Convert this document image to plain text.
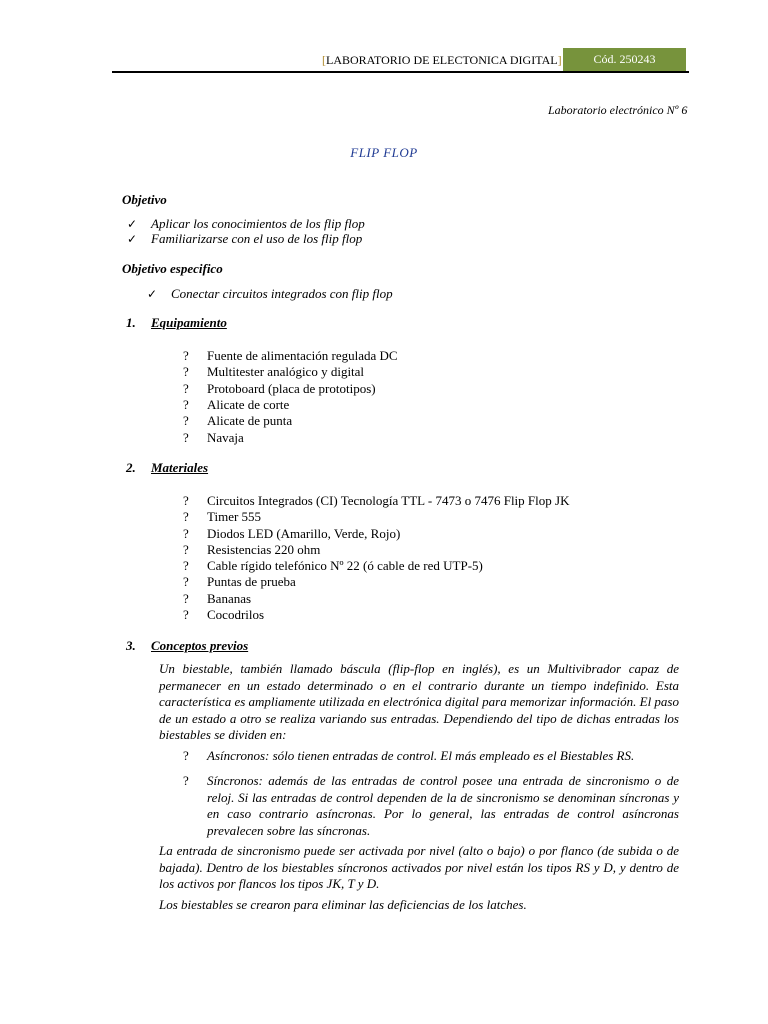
[LABORATORIO DE ELECTONICA DIGITAL]	Cód. 250243
Laboratorio electrónico Nº 6
FLIP FLOP
Objetivo
✓ Aplicar los conocimientos de los flip flop
✓ Familiarizarse con el uso de los flip flop
Objetivo especifico
✓ Conectar circuitos integrados con flip flop
1. Equipamiento
? Fuente de alimentación regulada DC
? Multitester analógico y digital
? Protoboard (placa de prototipos)
? Alicate de corte
? Alicate de punta
? Navaja
2. Materiales
? Circuitos Integrados (CI) Tecnología TTL - 7473 o 7476 Flip Flop JK
? Timer 555
? Diodos LED (Amarillo, Verde, Rojo)
? Resistencias 220 ohm
? Cable rígido telefónico Nº 22 (ó cable de red UTP-5)
? Puntas de prueba
? Bananas
? Cocodrilos
3. Conceptos previos
Un biestable, también llamado báscula (flip-flop en inglés), es un Multivibrador capaz de permanecer en un estado determinado o en el contrario durante un tiempo indefinido. Esta característica es ampliamente utilizada en electrónica digital para memorizar información. El paso de un estado a otro se realiza variando sus entradas. Dependiendo del tipo de dichas entradas los biestables se dividen en:
? Asíncronos: sólo tienen entradas de control. El más empleado es el Biestables RS.
? Síncronos: además de las entradas de control posee una entrada de sincronismo o de reloj. Si las entradas de control dependen de la de sincronismo se denominan síncronas y en caso contrario asíncronas. Por lo general, las entradas de control asíncronas prevalecen sobre las síncronas.
La entrada de sincronismo puede ser activada por nivel (alto o bajo) o por flanco (de subida o de bajada). Dentro de los biestables síncronos activados por nivel están los tipos RS y D, y dentro de los activos por flancos los tipos JK, T y D.
Los biestables se crearon para eliminar las deficiencias de los latches.
